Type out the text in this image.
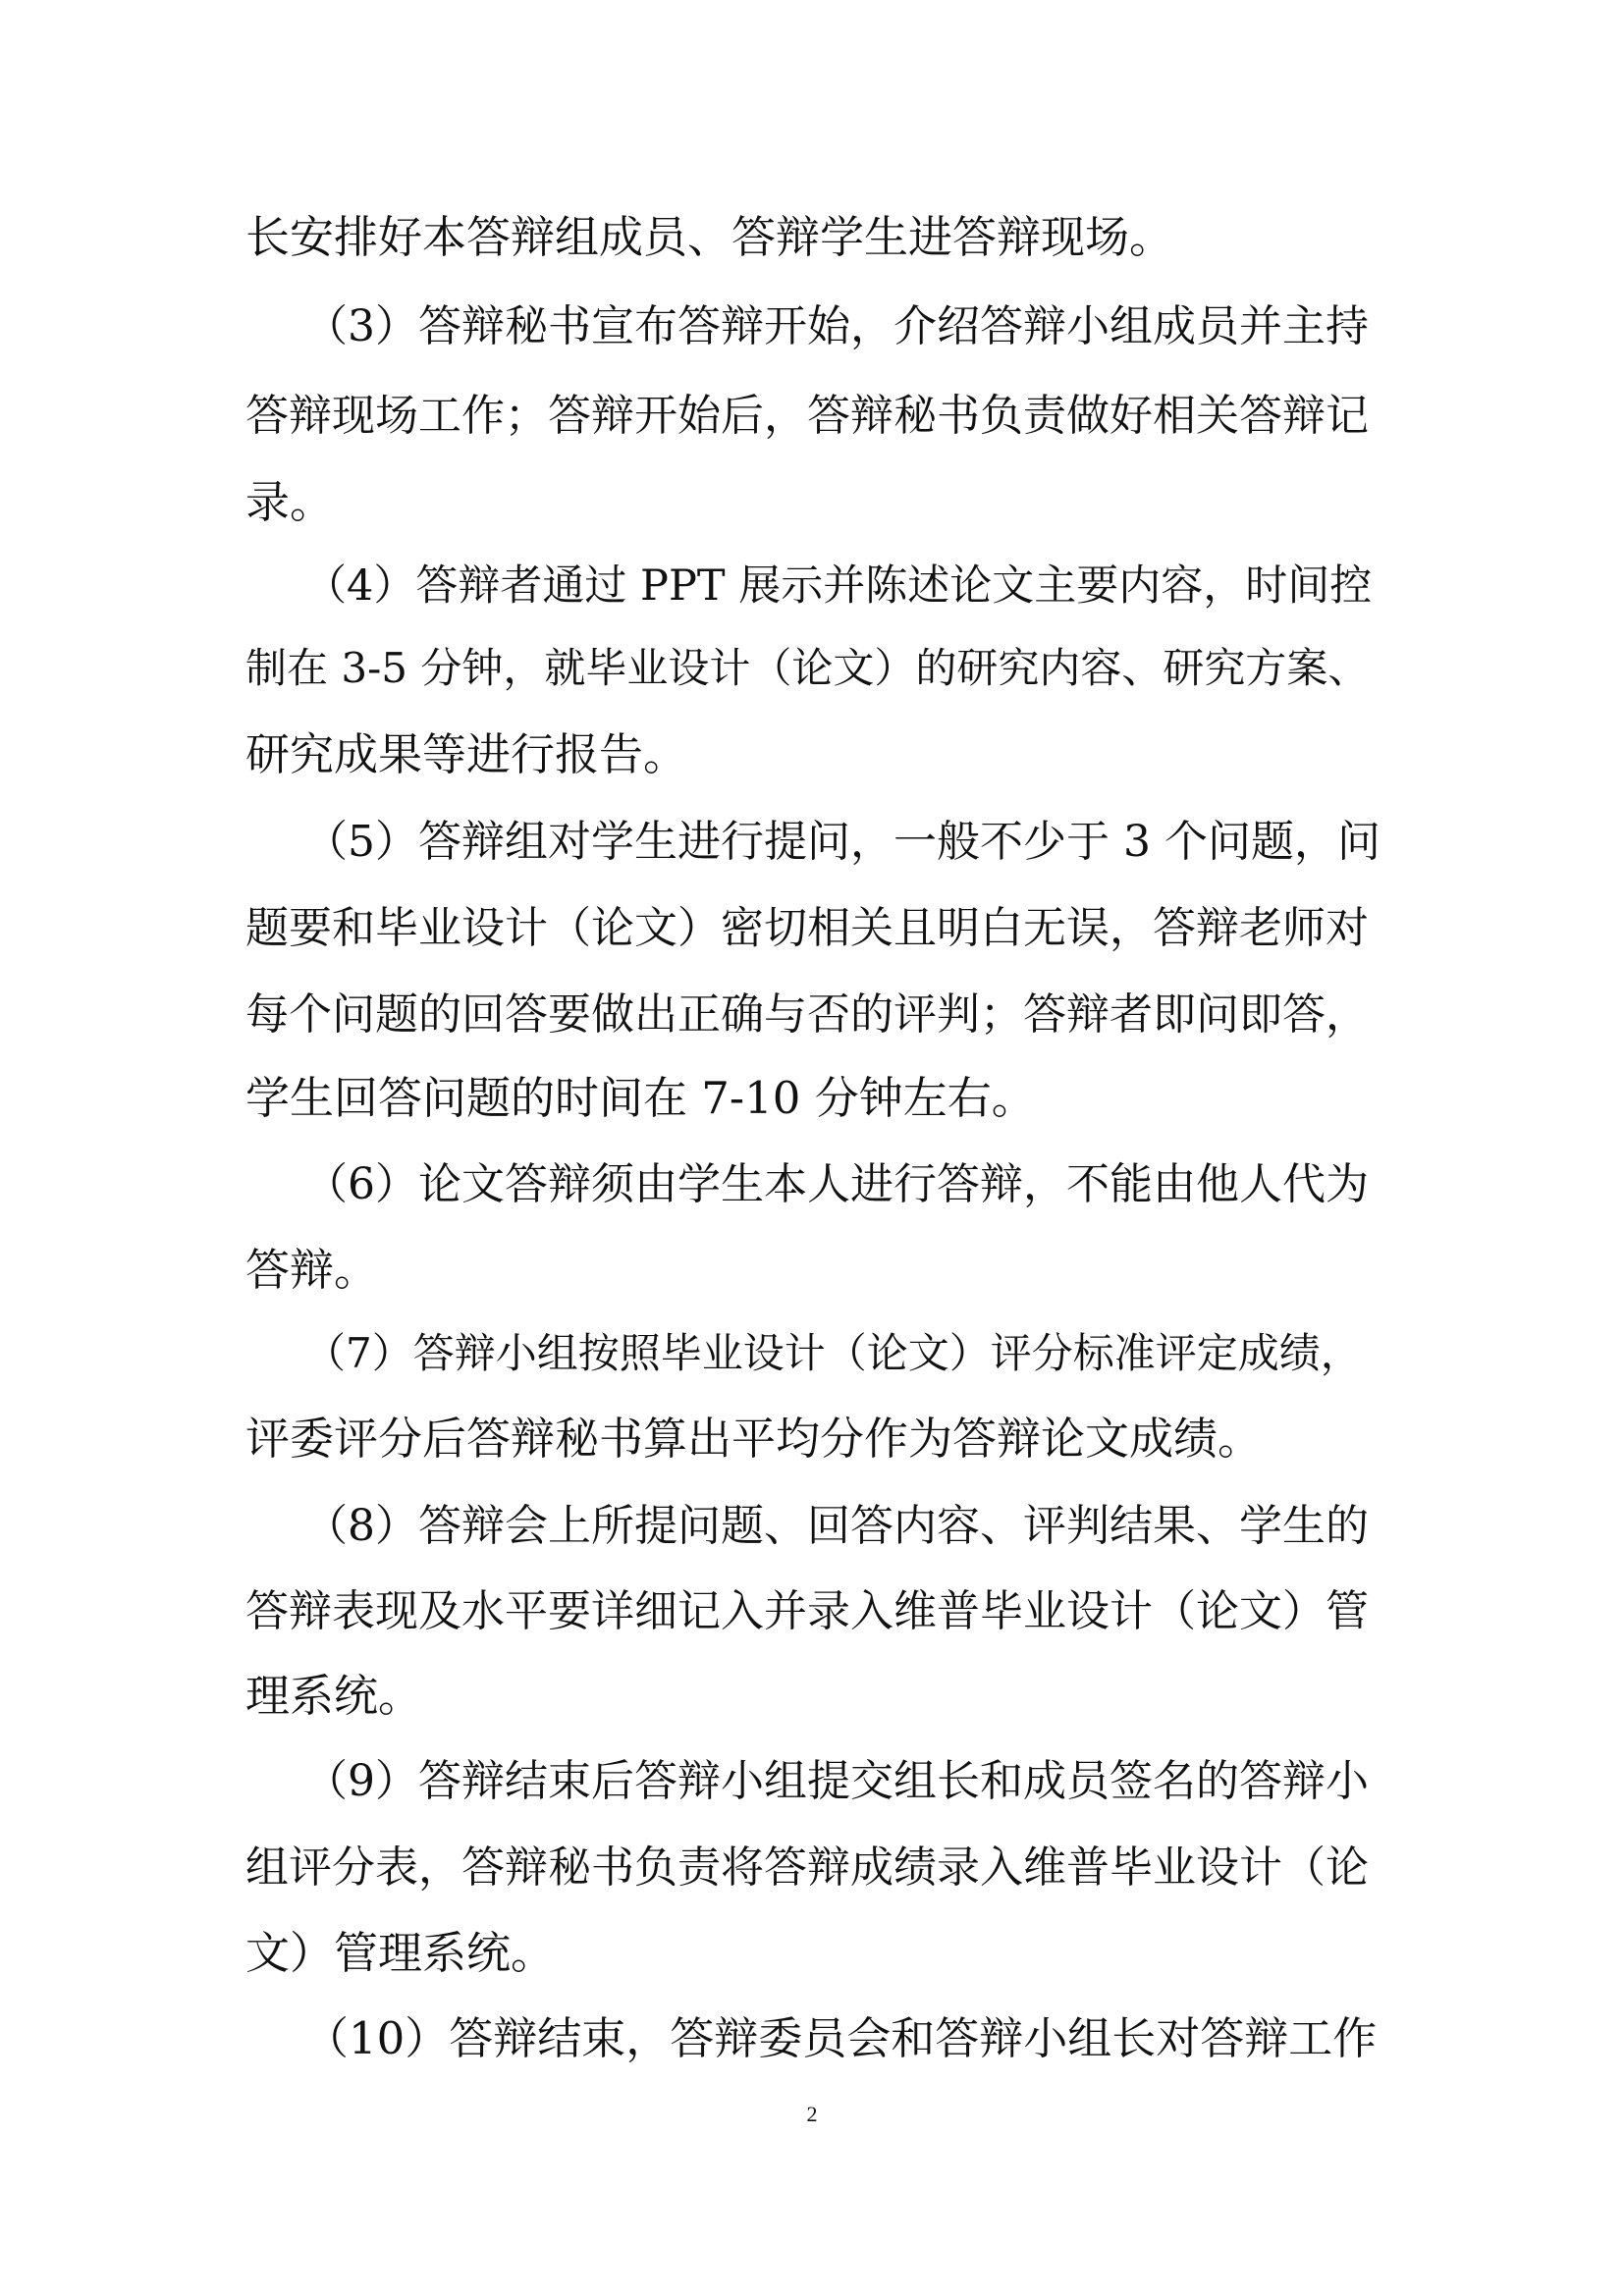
长安排好本答辩组成员、答辩学生进答辩现场。
（3）答辩秘书宣布答辩开始，介绍答辩小组成员并主持
答辩现场工作；答辩开始后，答辩秘书负责做好相关答辩记
录。
（4）答辩者通过 PPT 展示并陈述论文主要内容，时间控
制在 3-5 分钟，就毕业设计（论文）的研究内容、研究方案、
研究成果等进行报告。
（5）答辩组对学生进行提问，一般不少于 3 个问题，问
题要和毕业设计（论文）密切相关且明白无误，答辩老师对
每个问题的回答要做出正确与否的评判；答辩者即问即答，
学生回答问题的时间在 7-10 分钟左右。
（6）论文答辩须由学生本人进行答辩，不能由他人代为
答辩。
（7）答辩小组按照毕业设计（论文）评分标准评定成绩，
评委评分后答辩秘书算出平均分作为答辩论文成绩。
（8）答辩会上所提问题、回答内容、评判结果、学生的
答辩表现及水平要详细记入并录入维普毕业设计（论文）管
理系统。
（9）答辩结束后答辩小组提交组长和成员签名的答辩小
组评分表，答辩秘书负责将答辩成绩录入维普毕业设计（论
文）管理系统。
（10）答辩结束，答辩委员会和答辩小组长对答辩工作
2
